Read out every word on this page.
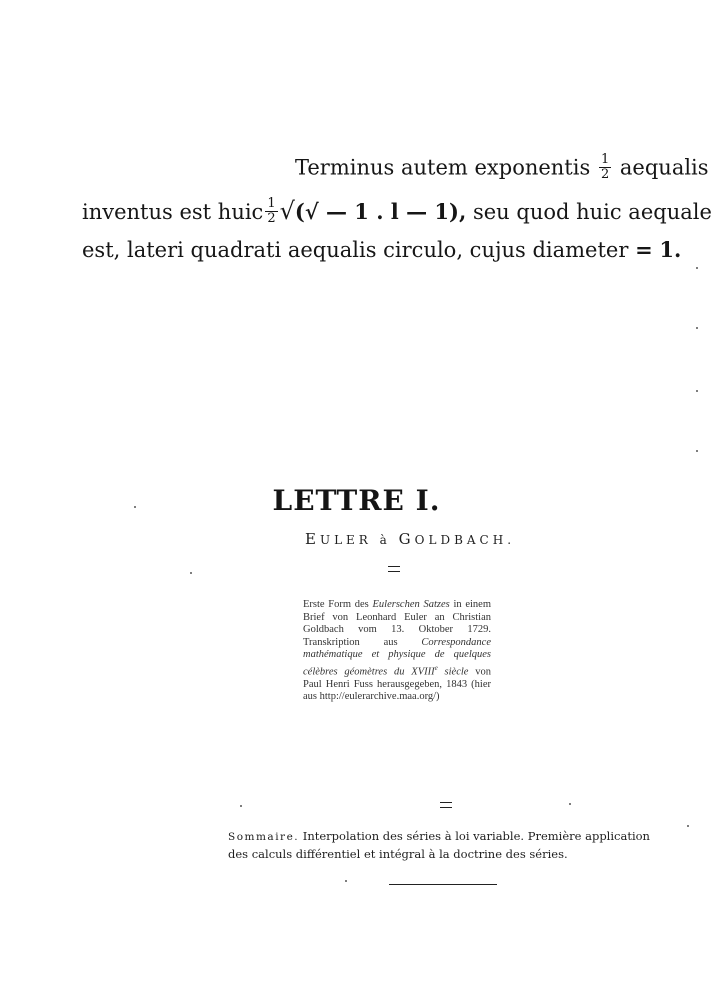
Terminus autem exponentis $\frac{1}{2}$ aequalis
inventus est huic $\frac{1}{2}$ √(√ — 1 . l — 1), seu quod huic aequale
est, lateri quadrati aequalis circulo, cujus diameter = 1.
LETTRE I.
EULER à GOLDBACH.
Erste Form des Eulerschen Satzes in einem Brief von Leonhard Euler an Christian Goldbach vom 13. Oktober 1729. Transkription aus Correspondance mathématique et physique de quelques célèbres géomètres du XVIIIe siècle von Paul Henri Fuss herausgegeben, 1843 (hier aus http://eulerarchive.maa.org/)
Sommaire. Interpolation des séries à loi variable. Première application des calculs différentiel et intégral à la doctrine des séries.
